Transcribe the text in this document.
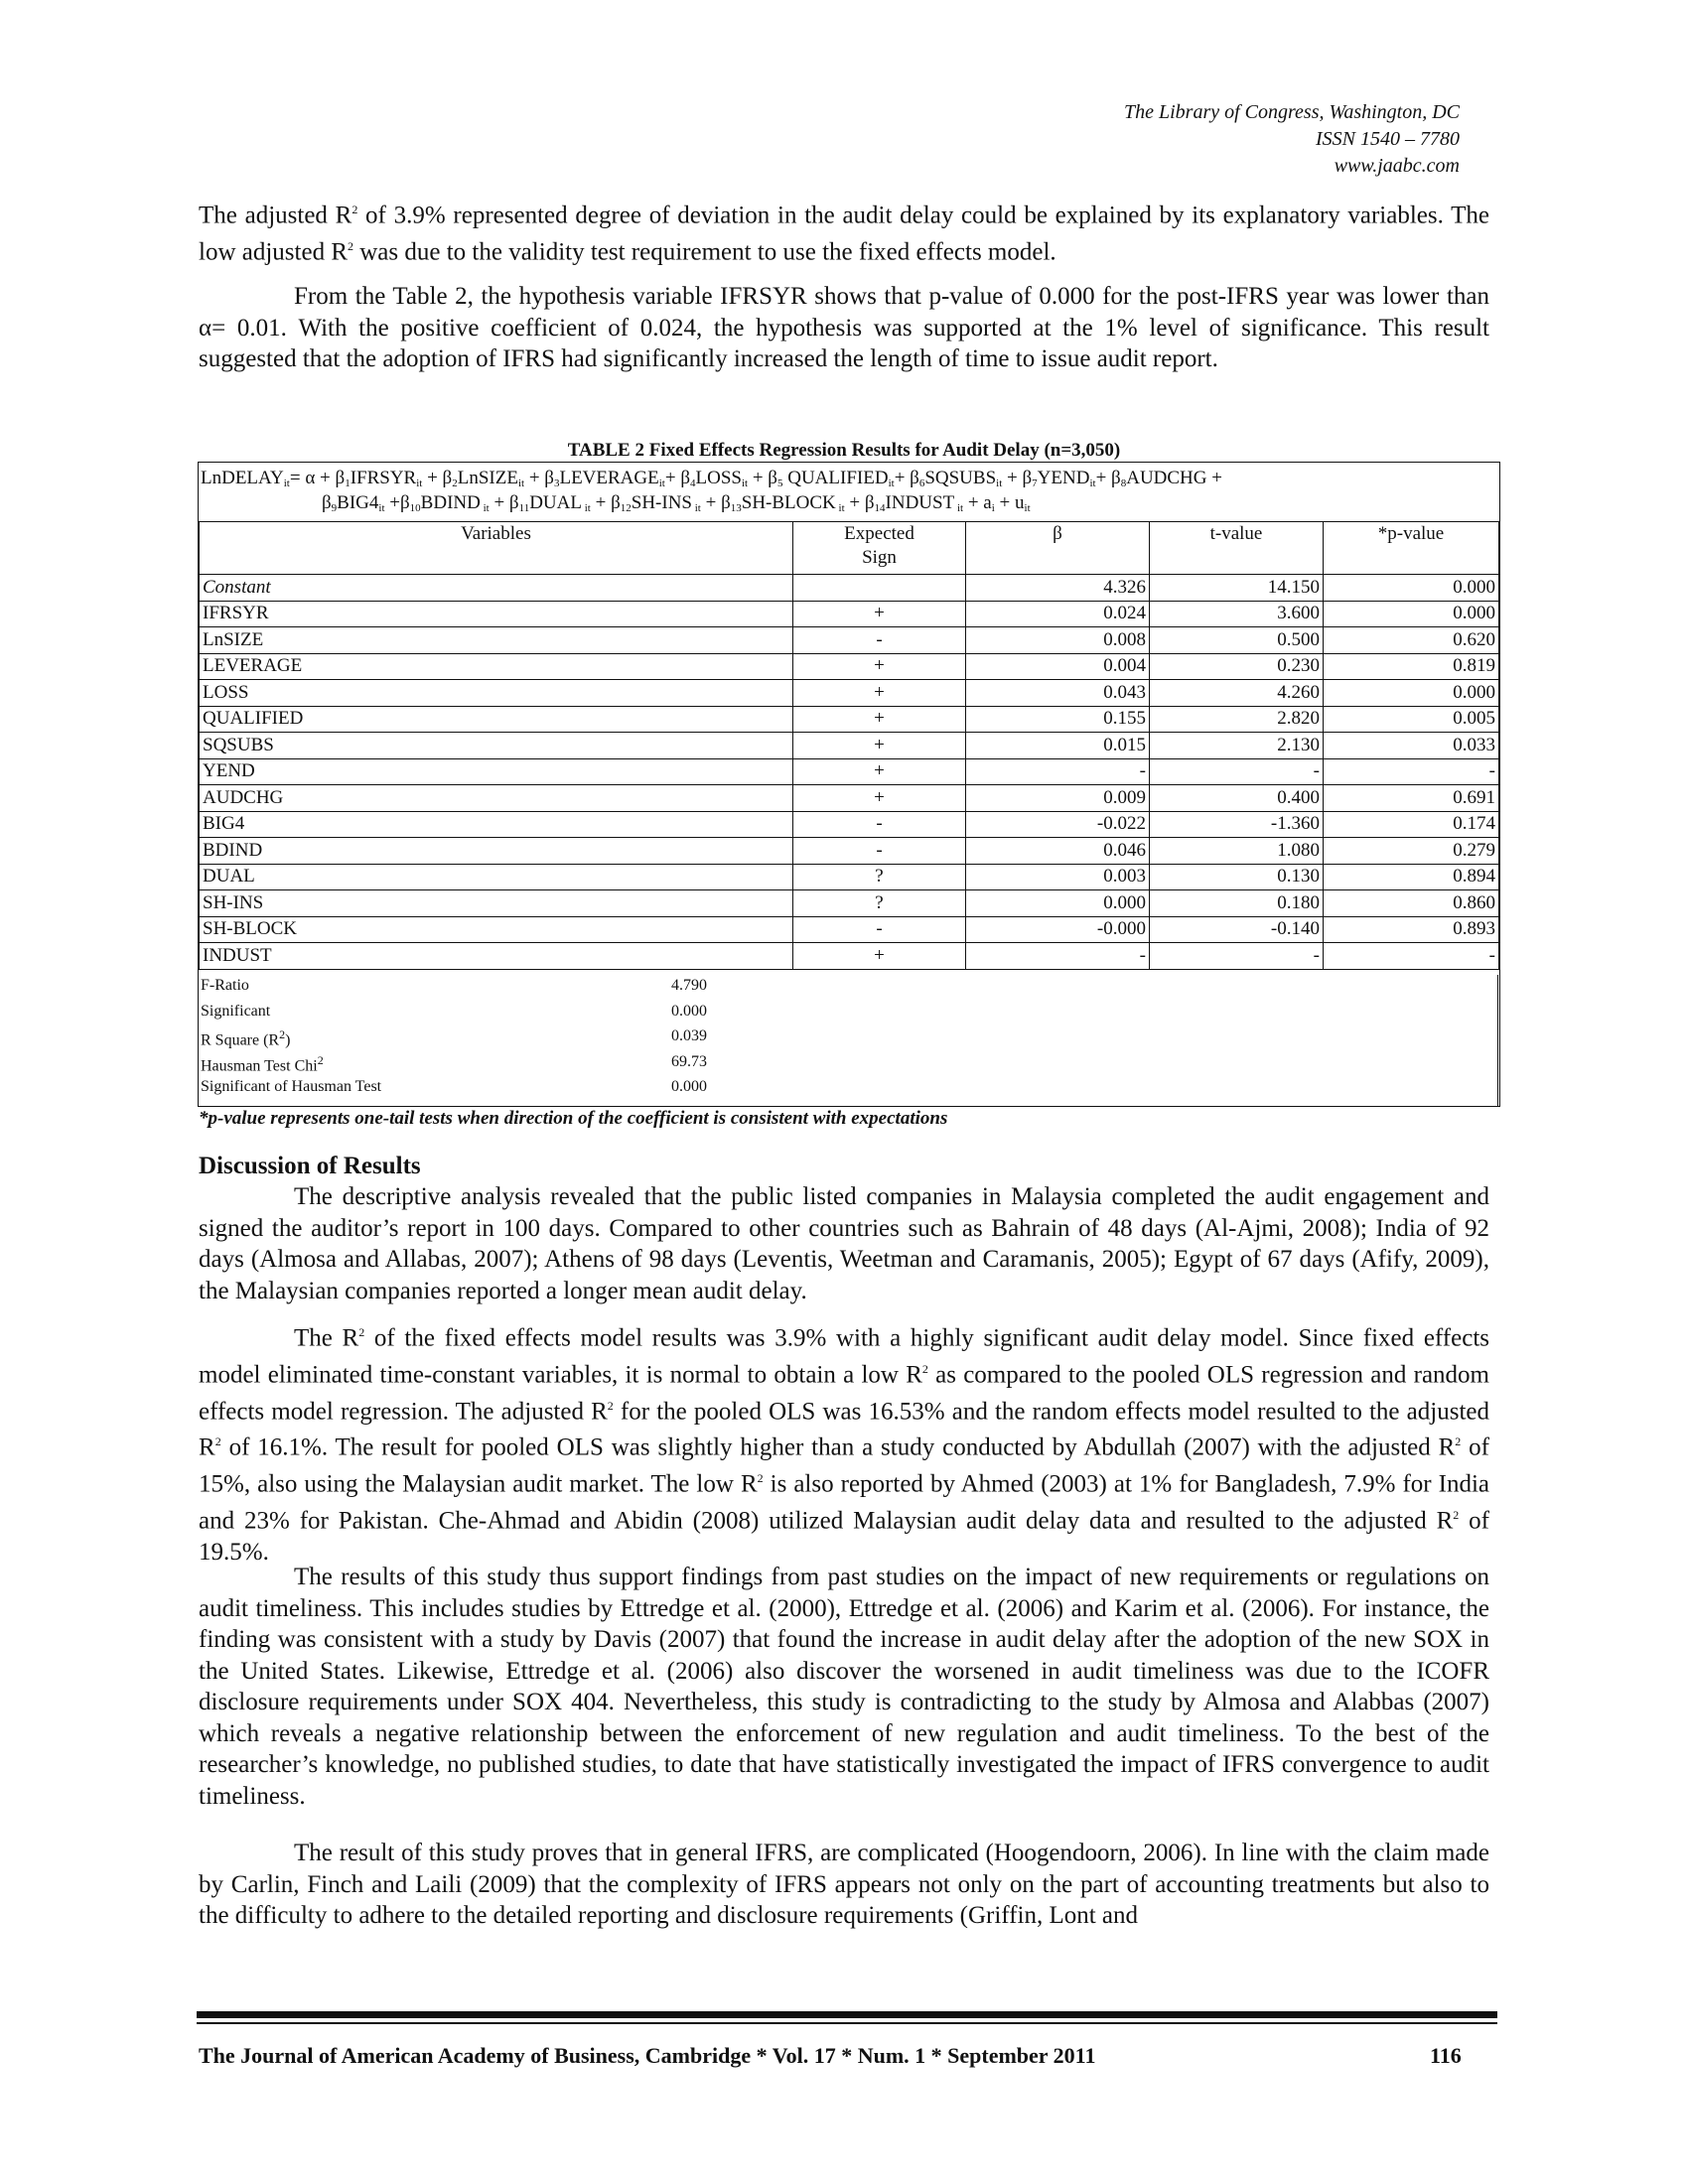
The Library of Congress, Washington, DC
ISSN 1540 – 7780
www.jaabc.com

The adjusted $R^2$ of 3.9% represented degree of deviation in the audit delay could be explained by its explanatory variables. The low adjusted $R^2$ was due to the validity test requirement to use the fixed effects model.

From the Table 2, the hypothesis variable IFRSYR shows that p-value of 0.000 for the post-IFRS year was lower than α= 0.01. With the positive coefficient of 0.024, the hypothesis was supported at the 1% level of significance. This result suggested that the adoption of IFRS had significantly increased the length of time to issue audit report.

TABLE 2 Fixed Effects Regression Results for Audit Delay (n=3,050)
LnDELAY$_{it}$= $\alpha + \beta_1IFRSYR_{it}$ + $\beta_2LnSIZE_{it}$ + $\beta_3LEVERAGE_{it}+$ $\beta_4LOSS_{it} + \beta_5$ $QUALIFIED_{it}+$ $\beta_6SQSUBS_{it}$ + $\beta_7YEND_{it}+$ $\beta_8AUDCHG$ +
$\beta_9BIG4_{it}$ $+\beta_{10}BDIND$ $_{it} + \beta_{11}DUAL$ $_{it} + \beta_{12}SH$-INS $_{it} + \beta_{13}SH$-BLOCK $_{it} + \beta_{14}INDUST$ $_{it} + a_i + u_{it}$
Variables	Expected Sign	β	t-value	*p-value
Constant		4.326	14.150	0.000
IFRSYR	+	0.024	3.600	0.000
LnSIZE	-	0.008	0.500	0.620
LEVERAGE	+	0.004	0.230	0.819
LOSS	+	0.043	4.260	0.000
QUALIFIED	+	0.155	2.820	0.005
SQSUBS	+	0.015	2.130	0.033
YEND	+	-	-	-
AUDCHG	+	0.009	0.400	0.691
BIG4	-	-0.022	-1.360	0.174
BDIND	-	0.046	1.080	0.279
DUAL	?	0.003	0.130	0.894
SH-INS	?	0.000	0.180	0.860
SH-BLOCK	-	-0.000	-0.140	0.893
INDUST	+	-	-	-
F-Ratio	4.790
Significant	0.000
R Square $(R^2)$	0.039
Hausman Test Chi$^2$	69.73
Significant of Hausman Test	0.000
*p-value represents one-tail tests when direction of the coefficient is consistent with expectations
Discussion of Results

The descriptive analysis revealed that the public listed companies in Malaysia completed the audit engagement and signed the auditor’s report in 100 days. Compared to other countries such as Bahrain of 48 days (Al-Ajmi, 2008); India of 92 days (Almosa and Allabas, 2007); Athens of 98 days (Leventis, Weetman and Caramanis, 2005); Egypt of 67 days (Afify, 2009), the Malaysian companies reported a longer mean audit delay.

The $R^2$ of the fixed effects model results was 3.9% with a highly significant audit delay model. Since fixed effects model eliminated time-constant variables, it is normal to obtain a low $R^2$ as compared to the pooled OLS regression and random effects model regression. The adjusted $R^2$ for the pooled OLS was 16.53% and the random effects model resulted to the adjusted $R^2$ of 16.1%. The result for pooled OLS was slightly higher than a study conducted by Abdullah (2007) with the adjusted $R^2$ of 15%, also using the Malaysian audit market. The low $R^2$ is also reported by Ahmed (2003) at 1% for Bangladesh, 7.9% for India and 23% for Pakistan. Che-Ahmad and Abidin (2008) utilized Malaysian audit delay data and resulted to the adjusted $R^2$ of 19.5%.

The results of this study thus support findings from past studies on the impact of new requirements or regulations on audit timeliness. This includes studies by Ettredge et al. (2000), Ettredge et al. (2006) and Karim et al. (2006). For instance, the finding was consistent with a study by Davis (2007) that found the increase in audit delay after the adoption of the new SOX in the United States. Likewise, Ettredge et al. (2006) also discover the worsened in audit timeliness was due to the ICOFR disclosure requirements under SOX 404. Nevertheless, this study is contradicting to the study by Almosa and Alabbas (2007) which reveals a negative relationship between the enforcement of new regulation and audit timeliness. To the best of the researcher’s knowledge, no published studies, to date that have statistically investigated the impact of IFRS convergence to audit timeliness.

The result of this study proves that in general IFRS, are complicated (Hoogendoorn, 2006). In line with the claim made by Carlin, Finch and Laili (2009) that the complexity of IFRS appears not only on the part of accounting treatments but also to the difficulty to adhere to the detailed reporting and disclosure requirements (Griffin, Lont and

The Journal of American Academy of Business, Cambridge * Vol. 17 * Num. 1 * September 2011	116
